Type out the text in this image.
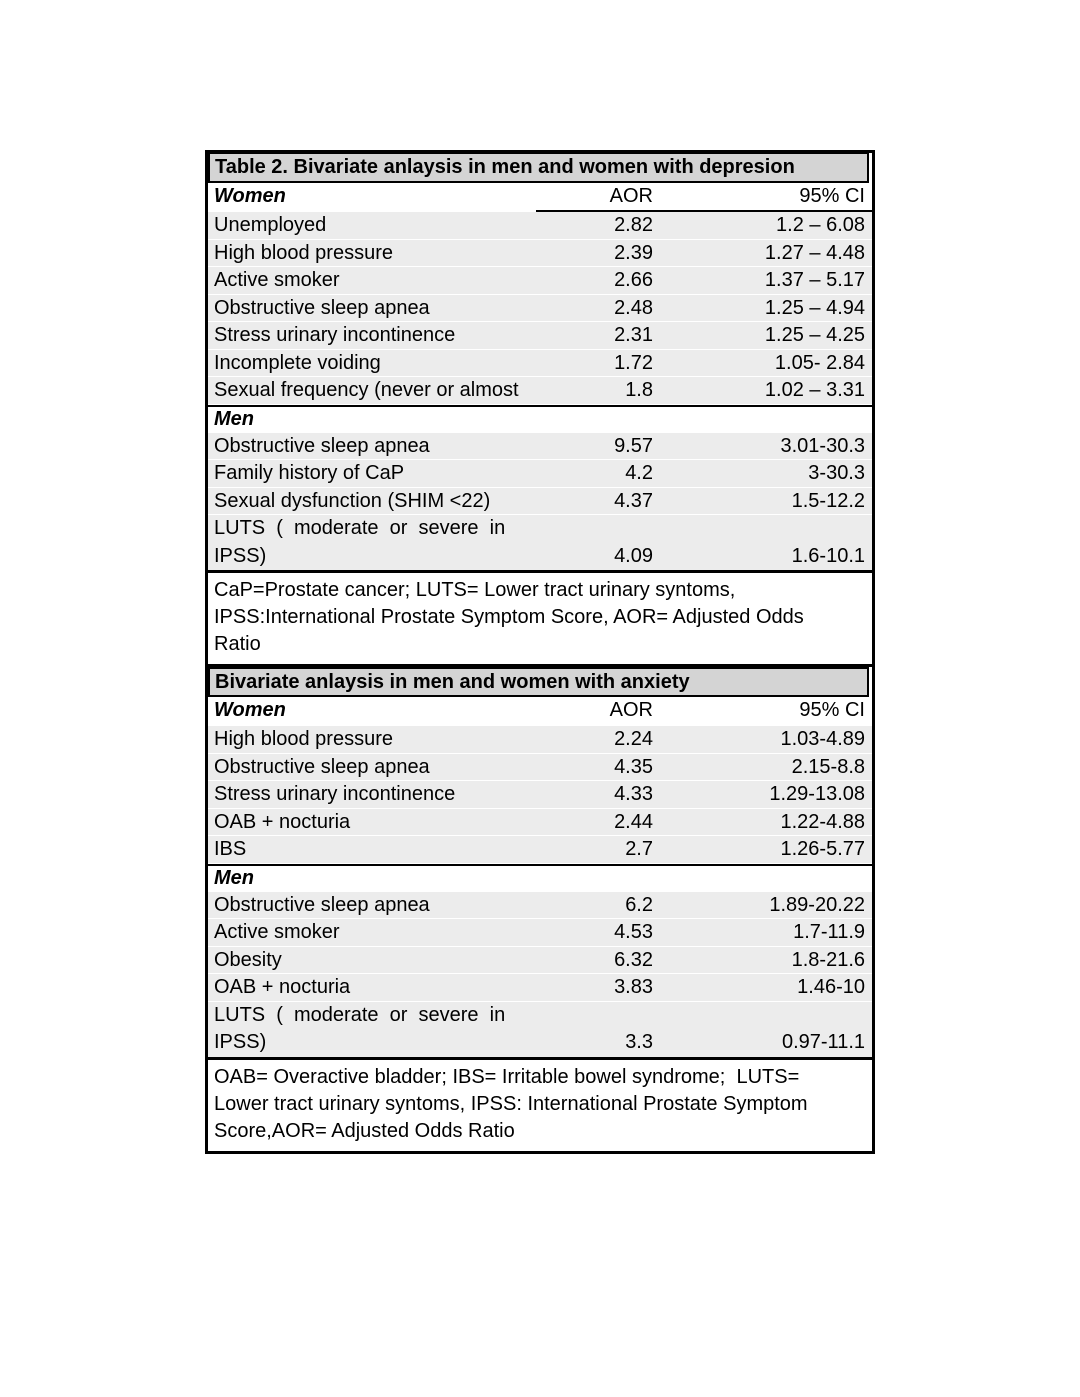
Table 2. Bivariate anlaysis in men and women with depresion
Women	AOR	95% CI
Unemployed	2.82	1.2 – 6.08
High blood pressure	2.39	1.27 – 4.48
Active smoker	2.66	1.37 – 5.17
Obstructive sleep apnea	2.48	1.25 – 4.94
Stress urinary incontinence	2.31	1.25 – 4.25
Incomplete voiding	1.72	1.05- 2.84
Sexual frequency (never or almost	1.8	1.02 – 3.31
Men
Obstructive sleep apnea	9.57	3.01-30.3
Family history of CaP	4.2	3-30.3
Sexual dysfunction (SHIM <22)	4.37	1.5-12.2
LUTS  (  moderate  or  severe  in
IPSS)	4.09	1.6-10.1
CaP=Prostate cancer; LUTS= Lower tract urinary syntoms,
IPSS:International Prostate Symptom Score, AOR= Adjusted Odds
Ratio
Bivariate anlaysis in men and women with anxiety
Women	AOR	95% CI
High blood pressure	2.24	1.03-4.89
Obstructive sleep apnea	4.35	2.15-8.8
Stress urinary incontinence	4.33	1.29-13.08
OAB + nocturia	2.44	1.22-4.88
IBS	2.7	1.26-5.77
Men
Obstructive sleep apnea	6.2	1.89-20.22
Active smoker	4.53	1.7-11.9
Obesity	6.32	1.8-21.6
OAB + nocturia	3.83	1.46-10
LUTS  (  moderate  or  severe  in
IPSS)	3.3	0.97-11.1
OAB= Overactive bladder; IBS= Irritable bowel syndrome;  LUTS=
Lower tract urinary syntoms, IPSS: International Prostate Symptom
Score,AOR= Adjusted Odds Ratio
